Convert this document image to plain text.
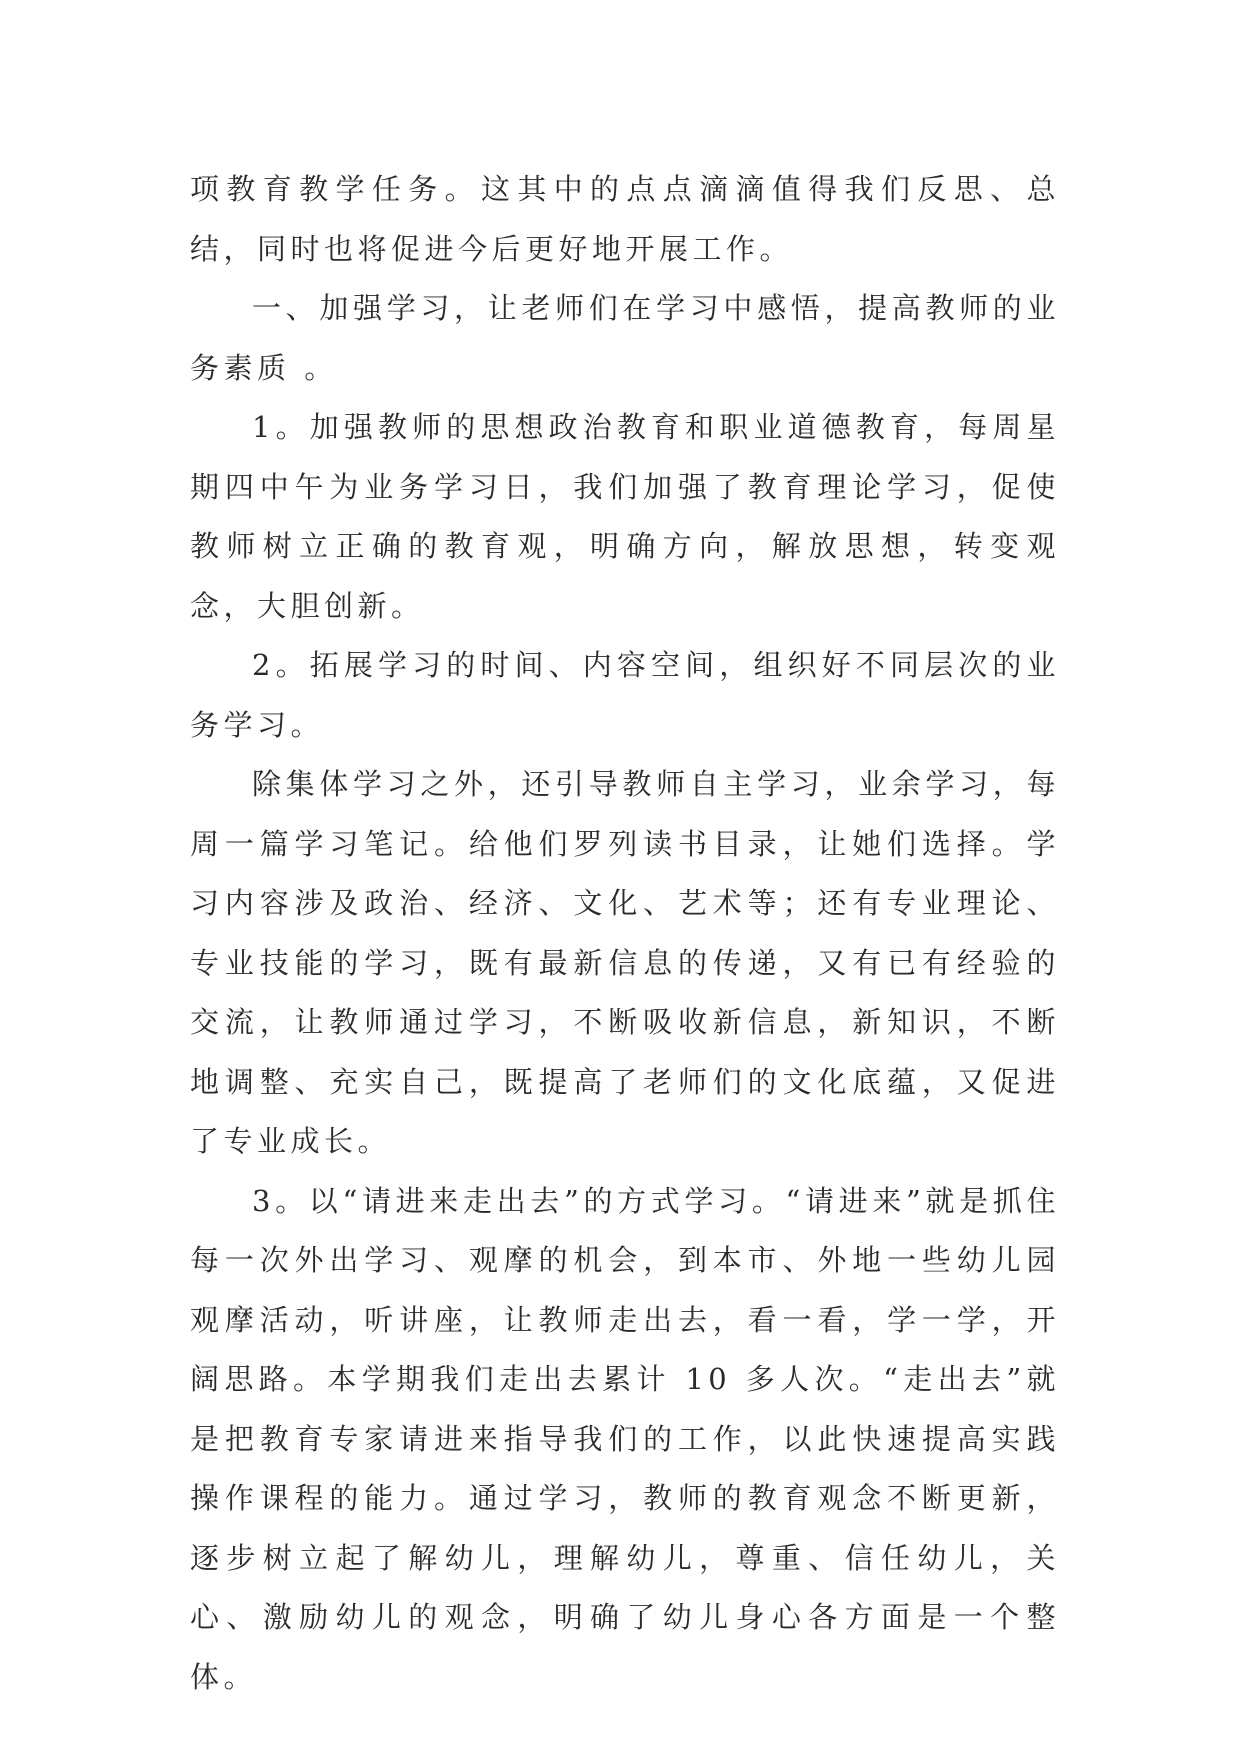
项教育教学任务。这其中的点点滴滴值得我们反思、总结，同时也将促进今后更好地开展工作。

一、加强学习，让老师们在学习中感悟，提高教师的业务素质 。

1。加强教师的思想政治教育和职业道德教育，每周星期四中午为业务学习日，我们加强了教育理论学习，促使教师树立正确的教育观，明确方向，解放思想，转变观念，大胆创新。

2。拓展学习的时间、内容空间，组织好不同层次的业务学习。

除集体学习之外，还引导教师自主学习，业余学习，每周一篇学习笔记。给他们罗列读书目录，让她们选择。学习内容涉及政治、经济、文化、艺术等；还有专业理论、专业技能的学习，既有最新信息的传递，又有已有经验的交流，让教师通过学习，不断吸收新信息，新知识，不断地调整、充实自己，既提高了老师们的文化底蕴，又促进了专业成长。

3。以“请进来走出去”的方式学习。“请进来”就是抓住每一次外出学习、观摩的机会，到本市、外地一些幼儿园观摩活动，听讲座，让教师走出去，看一看，学一学，开阔思路。本学期我们走出去累计 10 多人次。“走出去”就是把教育专家请进来指导我们的工作，以此快速提高实践操作课程的能力。通过学习，教师的教育观念不断更新，逐步树立起了解幼儿，理解幼儿，尊重、信任幼儿，关心、激励幼儿的观念，明确了幼儿身心各方面是一个整体。
